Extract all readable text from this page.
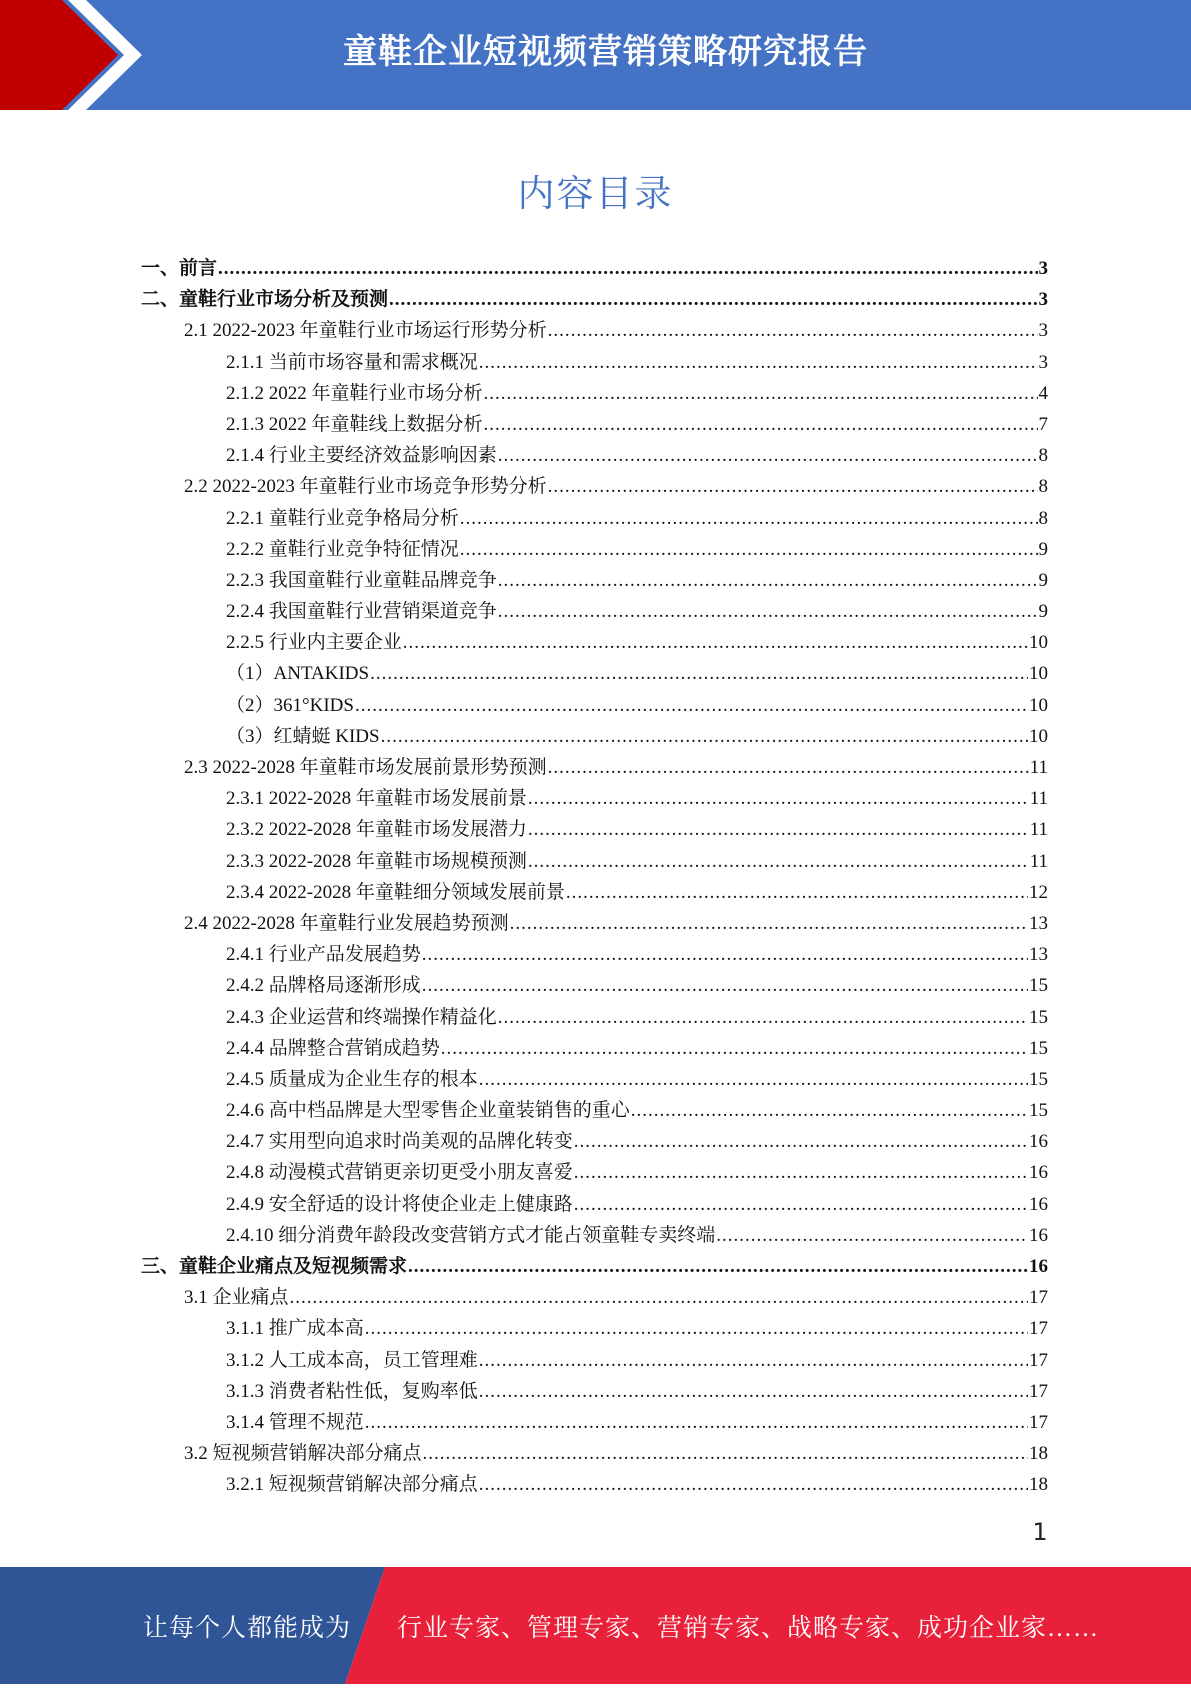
童鞋企业短视频营销策略研究报告
内容目录
一、前言 .....	3
二、童鞋行业市场分析及预测 .....	3
2.1 2022-2023 年童鞋行业市场运行形势分析 .....	3
2.1.1 当前市场容量和需求概况 .....	3
2.1.2 2022 年童鞋行业市场分析 .....	4
2.1.3 2022 年童鞋线上数据分析 .....	7
2.1.4 行业主要经济效益影响因素 .....	8
2.2 2022-2023 年童鞋行业市场竞争形势分析 .....	8
2.2.1 童鞋行业竞争格局分析 .....	8
2.2.2 童鞋行业竞争特征情况 .....	9
2.2.3 我国童鞋行业童鞋品牌竞争 .....	9
2.2.4 我国童鞋行业营销渠道竞争 .....	9
2.2.5 行业内主要企业 .....	10
（1）ANTAKIDS .....	10
（2）361°KIDS .....	10
（3）红蜻蜓 KIDS .....	10
2.3 2022-2028 年童鞋市场发展前景形势预测 .....	11
2.3.1 2022-2028 年童鞋市场发展前景 .....	11
2.3.2 2022-2028 年童鞋市场发展潜力 .....	11
2.3.3 2022-2028 年童鞋市场规模预测 .....	11
2.3.4 2022-2028 年童鞋细分领域发展前景 .....	12
2.4 2022-2028 年童鞋行业发展趋势预测 .....	13
2.4.1 行业产品发展趋势 .....	13
2.4.2 品牌格局逐渐形成 .....	15
2.4.3 企业运营和终端操作精益化 .....	15
2.4.4 品牌整合营销成趋势 .....	15
2.4.5 质量成为企业生存的根本 .....	15
2.4.6 高中档品牌是大型零售企业童装销售的重心 .....	15
2.4.7 实用型向追求时尚美观的品牌化转变 .....	16
2.4.8 动漫模式营销更亲切更受小朋友喜爱 .....	16
2.4.9 安全舒适的设计将使企业走上健康路 .....	16
2.4.10 细分消费年龄段改变营销方式才能占领童鞋专卖终端 .....	16
三、童鞋企业痛点及短视频需求 .....	16
3.1 企业痛点 .....	17
3.1.1 推广成本高 .....	17
3.1.2 人工成本高，员工管理难 .....	17
3.1.3 消费者粘性低，复购率低 .....	17
3.1.4 管理不规范 .....	17
3.2 短视频营销解决部分痛点 .....	18
3.2.1 短视频营销解决部分痛点 .....	18
1
让每个人都能成为 行业专家、管理专家、营销专家、战略专家、成功企业家……
